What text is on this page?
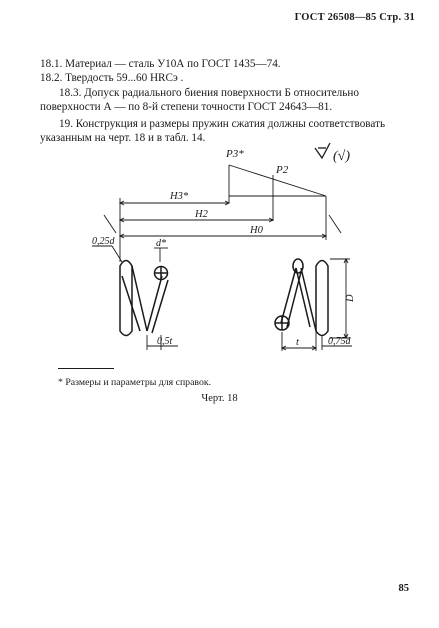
ГОСТ 26508—85 Стр. 31
18.1. Материал — сталь У10А по ГОСТ 1435—74.
18.2. Твердость 59...60 HRCэ .
18.3. Допуск радиального биения поверхности Б относительно поверхности А — по 8-й степени точности ГОСТ 24643—81.
19. Конструкция и размеры пружин сжатия должны соответствовать указанным на черт. 18 и в табл. 14.
P3*
P2
(√)
H3*
H2
H0
0,25d	d*
D
0,5t	t	0,75d
* Размеры и параметры для справок.
Черт. 18
85
